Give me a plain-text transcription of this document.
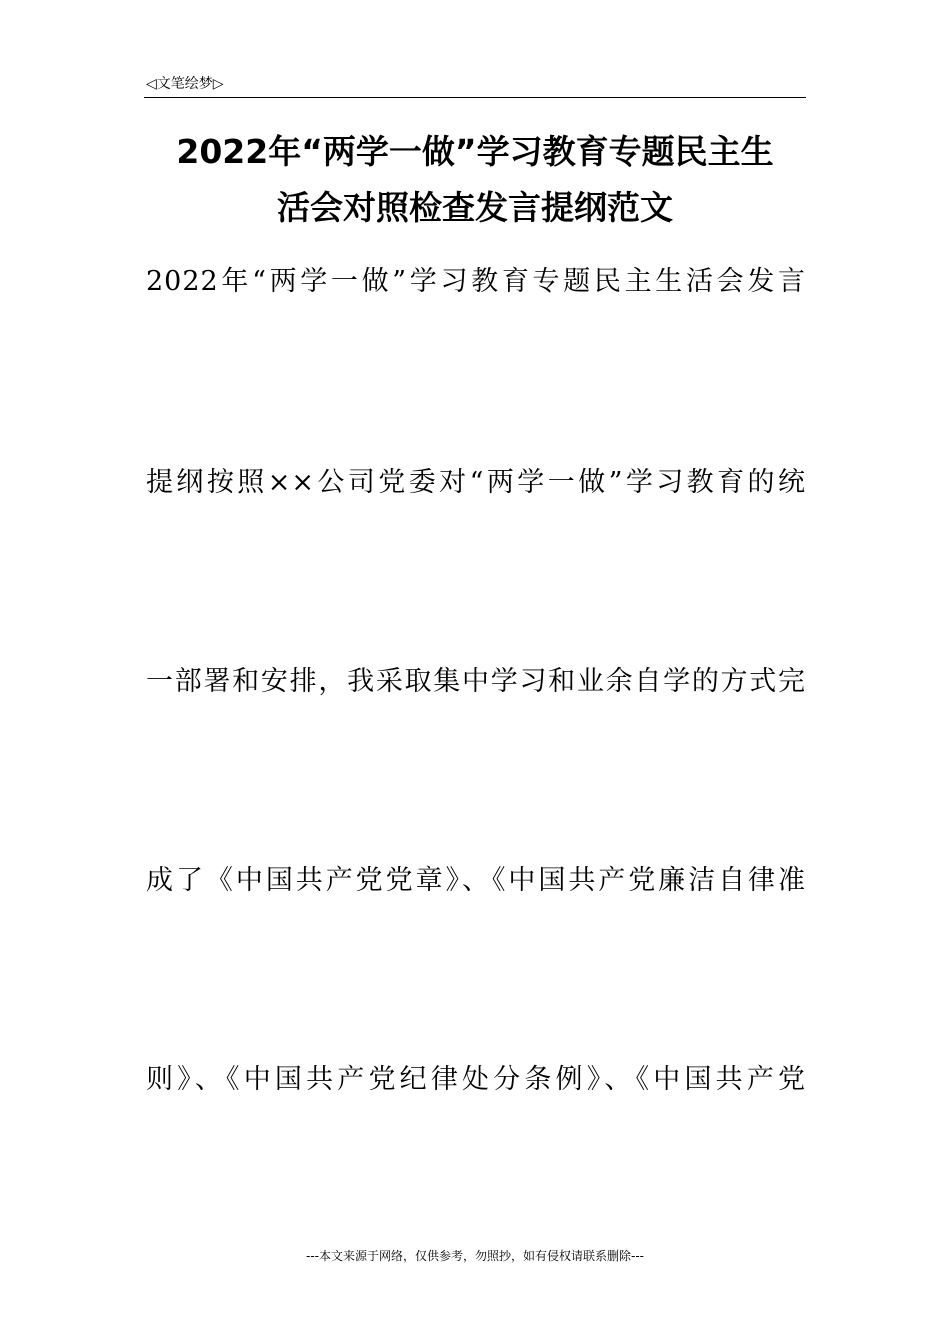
◁文笔绘梦▷
2022年“两学一做”学习教育专题民主生
活会对照检查发言提纲范文
2022年“两学一做”学习教育专题民主生活会发言
提纲按照××公司党委对“两学一做”学习教育的统
一部署和安排，我采取集中学习和业余自学的方式完
成了《中国共产党党章》、《中国共产党廉洁自律准
则》、《中国共产党纪律处分条例》、《中国共产党
---本文来源于网络，仅供参考，勿照抄，如有侵权请联系删除---
